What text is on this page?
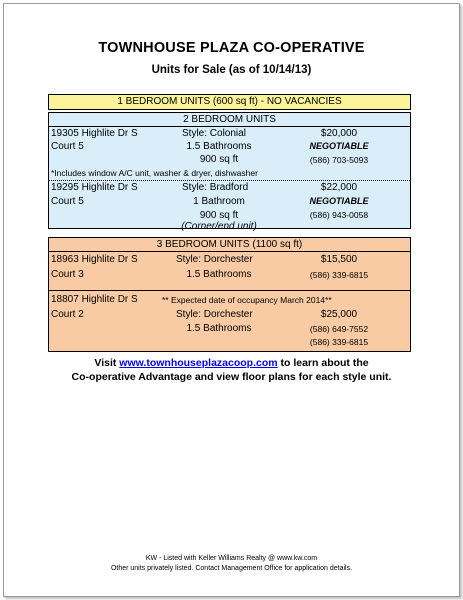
TOWNHOUSE PLAZA CO-OPERATIVE
Units for Sale (as of 10/14/13)
1 BEDROOM UNITS (600 sq ft) - NO VACANCIES
2 BEDROOM UNITS
19305 Highlite Dr S
Court 5
Style: Colonial
1.5 Bathrooms
900 sq ft
$20,000
NEGOTIABLE
(586) 703-5093
*Includes window A/C unit, washer & dryer, dishwasher
19295 Highlite Dr S
Court 5
Style: Bradford
1 Bathroom
900 sq ft
(Corner/end unit)
$22,000
NEGOTIABLE
(586) 943-0058
3 BEDROOM UNITS (1100 sq ft)
18963 Highlite Dr S
Court 3
Style: Dorchester
1.5 Bathrooms
$15,500
(586) 339-6815
18807 Highlite Dr S
Court 2
** Expected date of occupancy March 2014**
Style: Dorchester
1.5 Bathrooms
$25,000
(586) 649-7552
(586) 339-6815
Visit www.townhouseplazacoop.com to learn about the
Co-operative Advantage and view floor plans for each style unit.
KW - Listed with Keller Williams Realty @ www.kw.com
Other units privately listed. Contact Management Office for application details.
